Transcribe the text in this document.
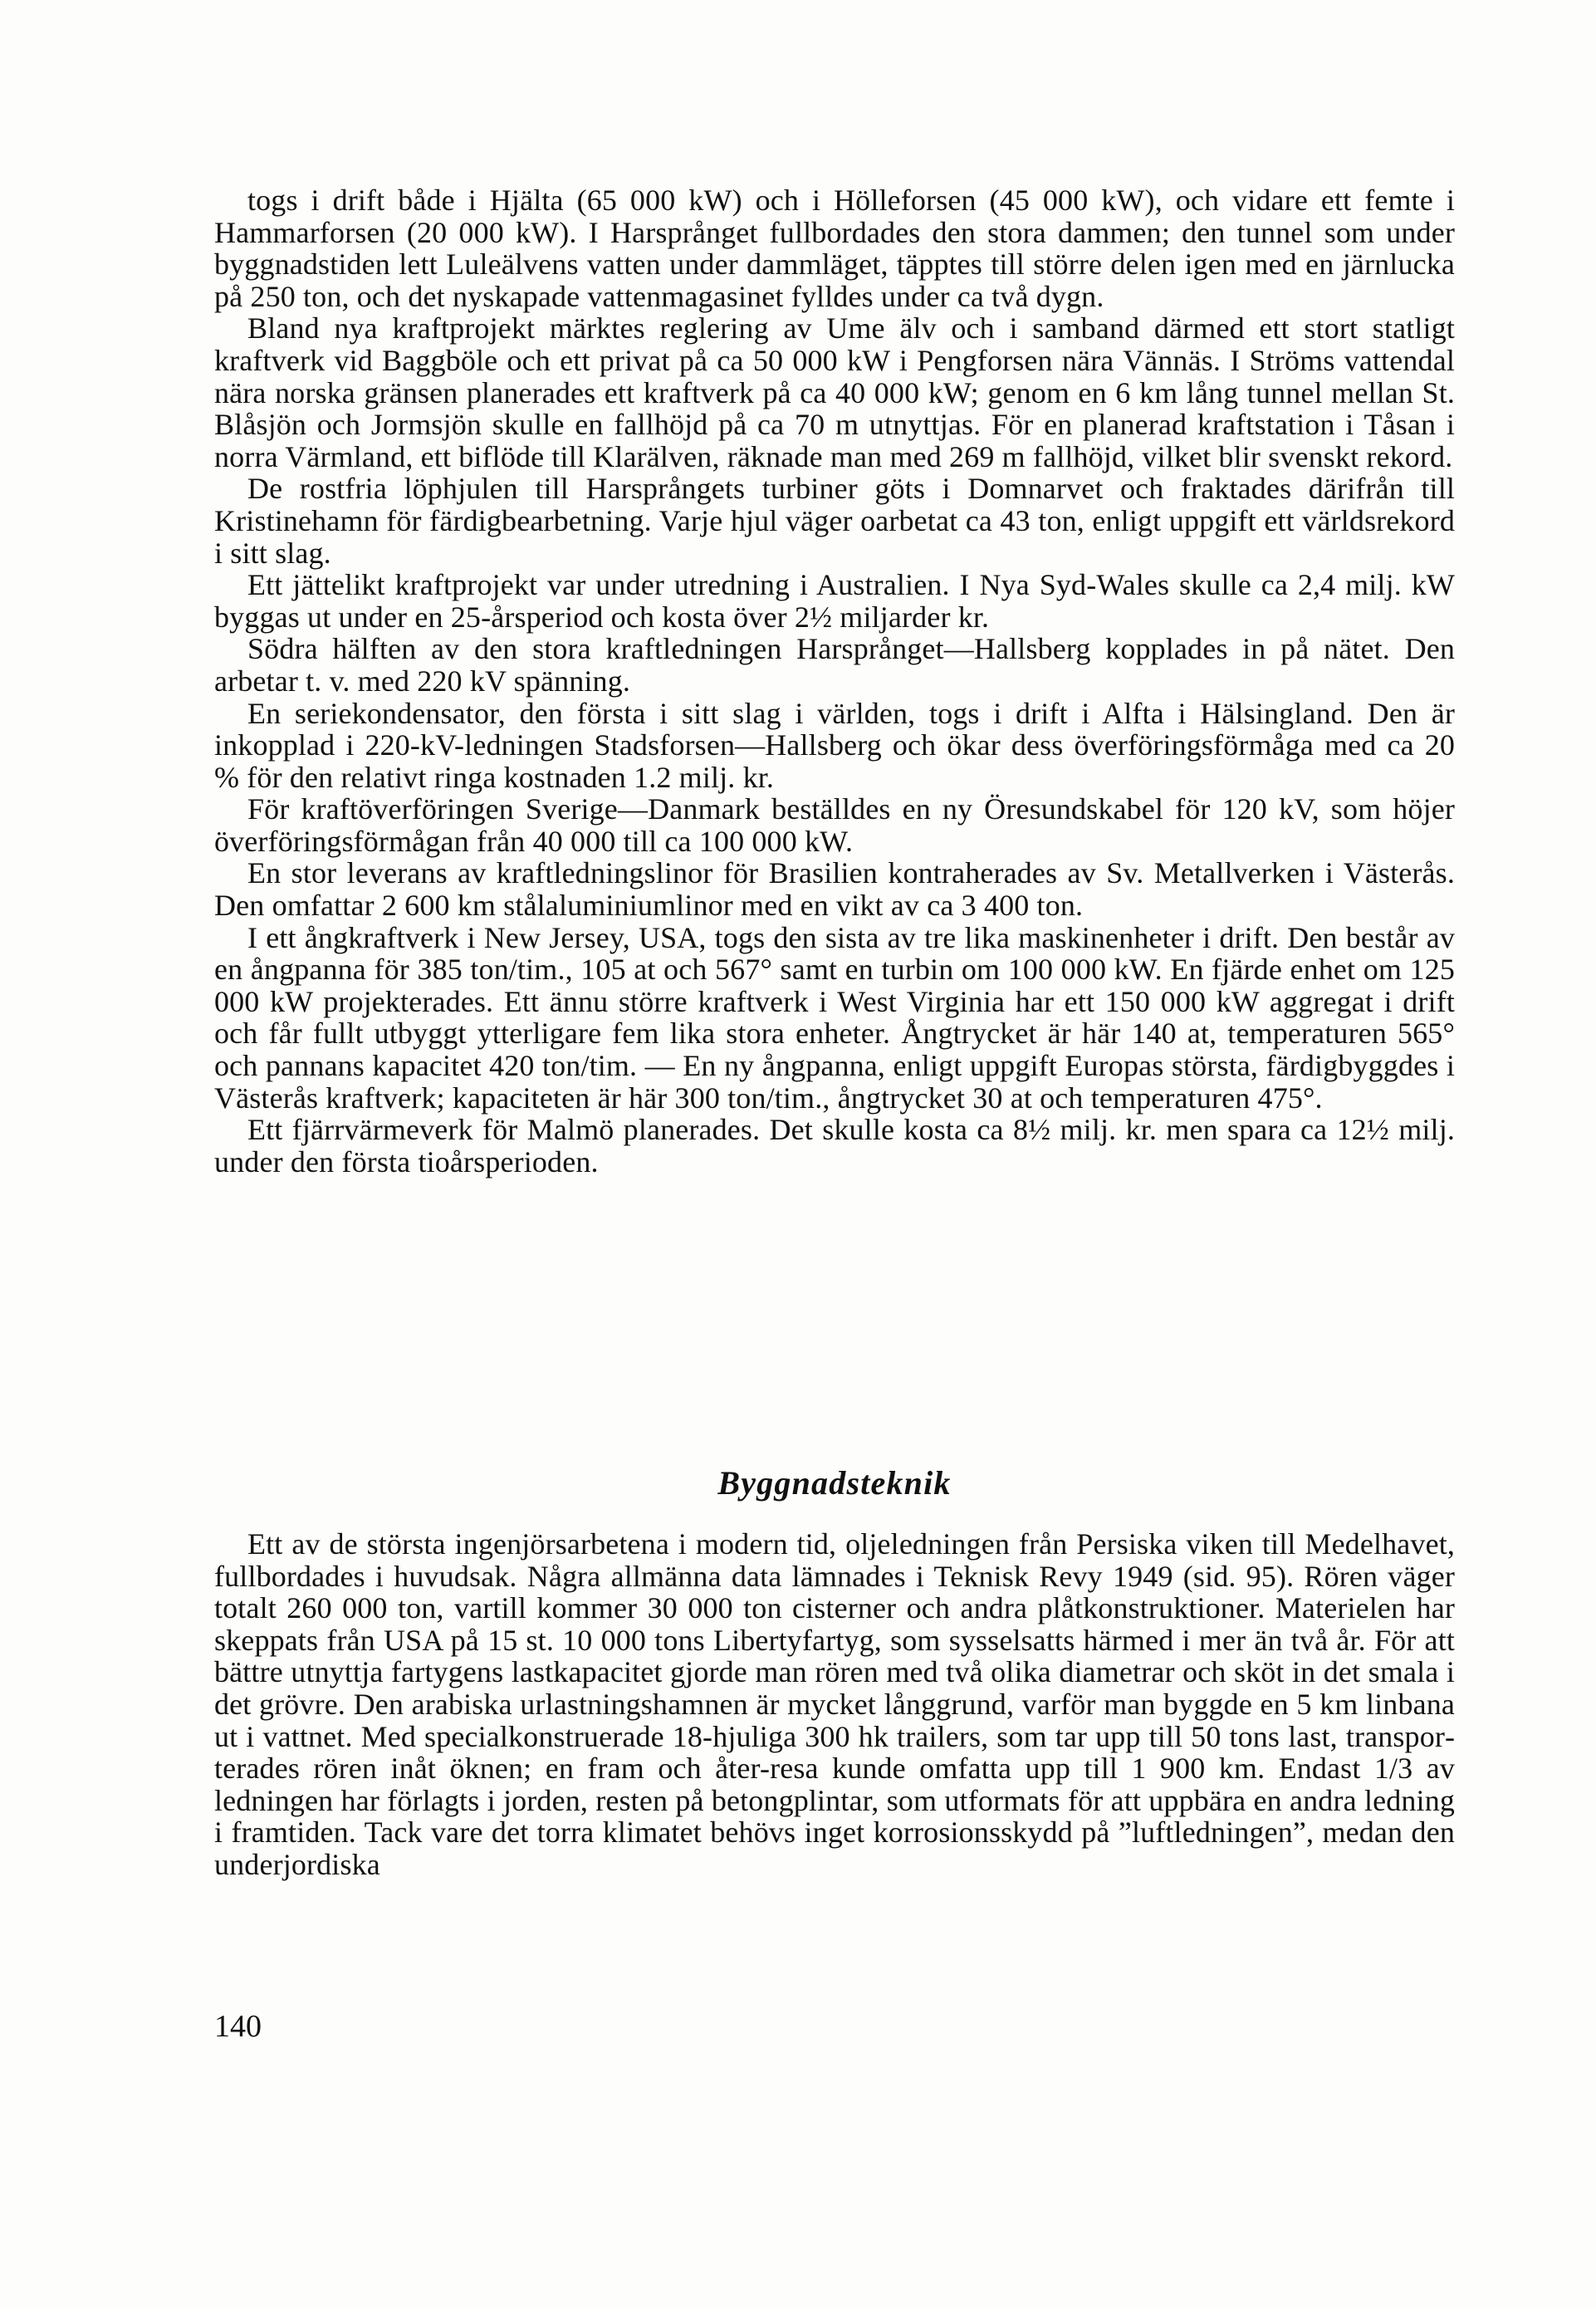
togs i drift både i Hjälta (65 000 kW) och i Hölleforsen (45 000 kW), och vidare ett femte i Hammarforsen (20 000 kW). I Harsprånget fullbordades den stora dammen; den tunnel som under byggnadstiden lett Luleälvens vatten under dammläget, täpptes till större delen igen med en järnlucka på 250 ton, och det nyskapade vattenmagasinet fylldes under ca två dygn.

Bland nya kraftprojekt märktes reglering av Ume älv och i samband därmed ett stort statligt kraftverk vid Baggböle och ett privat på ca 50 000 kW i Pengforsen nära Vännäs. I Ströms vattendal nära norska gränsen planerades ett kraftverk på ca 40 000 kW; genom en 6 km lång tunnel mellan St. Blåsjön och Jormsjön skulle en fallhöjd på ca 70 m utnyttjas. För en planerad kraftstation i Tåsan i norra Värmland, ett biflöde till Klarälven, räknade man med 269 m fallhöjd, vilket blir svenskt rekord.

De rostfria löphjulen till Harsprångets turbiner göts i Domnarvet och fraktades därifrån till Kristinehamn för färdigbearbetning. Varje hjul väger oarbetat ca 43 ton, enligt uppgift ett världsrekord i sitt slag.

Ett jättelikt kraftprojekt var under utredning i Australien. I Nya Syd-Wales skulle ca 2,4 milj. kW byggas ut under en 25-årsperiod och kosta över 2½ miljarder kr.

Södra hälften av den stora kraftledningen Harsprånget—Hallsberg kopplades in på nätet. Den arbetar t. v. med 220 kV spänning.

En seriekondensator, den första i sitt slag i världen, togs i drift i Alfta i Hälsingland. Den är inkopplad i 220-kV-ledningen Stadsforsen—Hallsberg och ökar dess överföringsförmåga med ca 20 % för den relativt ringa kostnaden 1.2 milj. kr.

För kraftöverföringen Sverige—Danmark beställdes en ny Öresundskabel för 120 kV, som höjer överföringsförmågan från 40 000 till ca 100 000 kW.

En stor leverans av kraftledningslinor för Brasilien kontraherades av Sv. Metallverken i Västerås. Den omfattar 2 600 km stålaluminiumlinor med en vikt av ca 3 400 ton.

I ett ångkraftverk i New Jersey, USA, togs den sista av tre lika maskinenheter i drift. Den består av en ångpanna för 385 ton/tim., 105 at och 567° samt en turbin om 100 000 kW. En fjärde enhet om 125 000 kW projekterades. Ett ännu större kraftverk i West Virginia har ett 150 000 kW aggregat i drift och får fullt utbyggt ytterligare fem lika stora enheter. Ångtrycket är här 140 at, temperaturen 565° och pannans kapacitet 420 ton/tim. — En ny ångpanna, enligt uppgift Europas största, färdigbyggdes i Västerås kraftverk; kapaciteten är här 300 ton/tim., ångtrycket 30 at och temperaturen 475°.

Ett fjärrvärmeverk för Malmö planerades. Det skulle kosta ca 8½ milj. kr. men spara ca 12½ milj. under den första tioårsperioden.

Byggnadsteknik

Ett av de största ingenjörsarbetena i modern tid, oljeledningen från Persiska viken till Medelhavet, fullbordades i huvudsak. Några allmänna data lämnades i Teknisk Revy 1949 (sid. 95). Rören väger totalt 260 000 ton, vartill kommer 30 000 ton cisterner och andra plåtkonstruktioner. Materielen har skeppats från USA på 15 st. 10 000 tons Libertyfartyg, som sysselsatts härmed i mer än två år. För att bättre utnyttja fartygens lastkapacitet gjorde man rören med två olika diametrar och sköt in det smala i det grövre. Den arabiska urlastningshamnen är mycket långgrund, varför man byggde en 5 km linbana ut i vattnet. Med specialkonstruerade 18-hjuliga 300 hk trailers, som tar upp till 50 tons last, transporterades rören inåt öknen; en fram och åter-resa kunde omfatta upp till 1 900 km. Endast 1/3 av ledningen har förlagts i jorden, resten på betongplintar, som utformats för att uppbära en andra ledning i framtiden. Tack vare det torra klimatet behövs inget korrosionsskydd på ”luftledningen”, medan den underjordiska

140
